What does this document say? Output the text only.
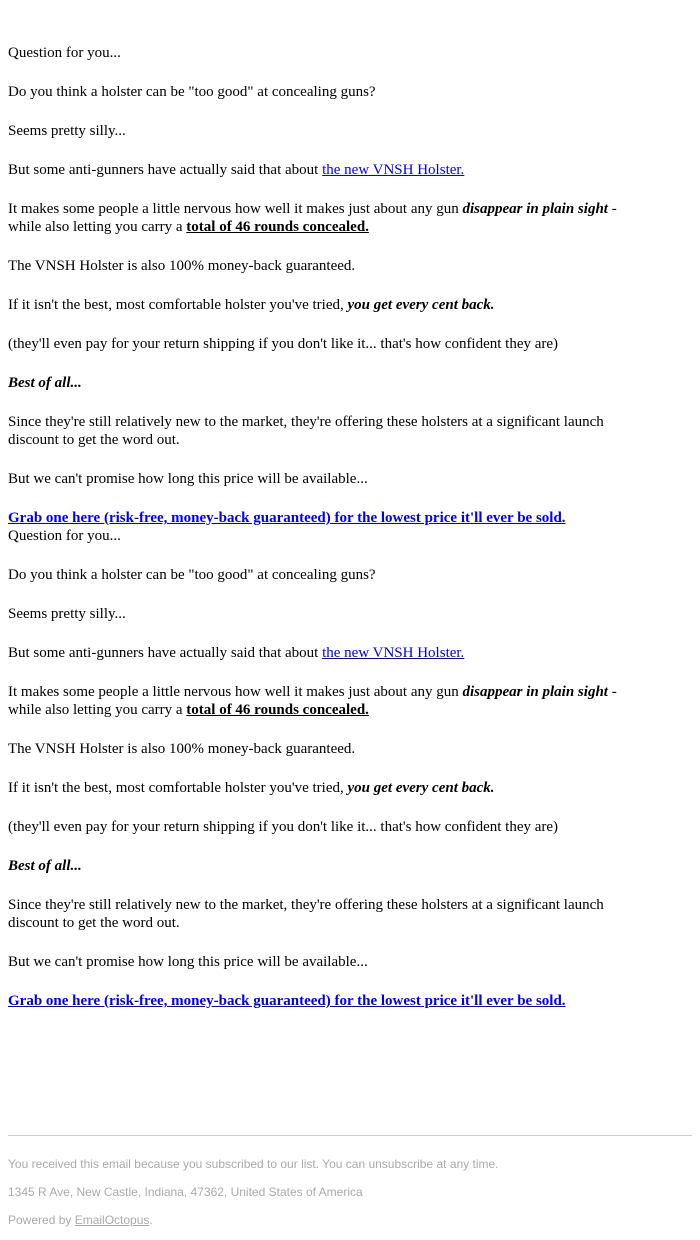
Question for you...

Do you think a holster can be "too good" at concealing guns?

Seems pretty silly...

But some anti-gunners have actually said that about the new VNSH Holster.

It makes some people a little nervous how well it makes just about any gun disappear in plain sight - while also letting you carry a total of 46 rounds concealed.

The VNSH Holster is also 100% money-back guaranteed.

If it isn't the best, most comfortable holster you've tried, you get every cent back.

(they'll even pay for your return shipping if you don't like it... that's how confident they are)

Best of all...

Since they're still relatively new to the market, they're offering these holsters at a significant launch discount to get the word out.

But we can't promise how long this price will be available...

Grab one here (risk-free, money-back guaranteed) for the lowest price it'll ever be sold.

Question for you...

Do you think a holster can be "too good" at concealing guns?

Seems pretty silly...

But some anti-gunners have actually said that about the new VNSH Holster.

It makes some people a little nervous how well it makes just about any gun disappear in plain sight - while also letting you carry a total of 46 rounds concealed.

The VNSH Holster is also 100% money-back guaranteed.

If it isn't the best, most comfortable holster you've tried, you get every cent back.

(they'll even pay for your return shipping if you don't like it... that's how confident they are)

Best of all...

Since they're still relatively new to the market, they're offering these holsters at a significant launch discount to get the word out.

But we can't promise how long this price will be available...

Grab one here (risk-free, money-back guaranteed) for the lowest price it'll ever be sold.

You received this email because you subscribed to our list. You can unsubscribe at any time.

1345 R Ave, New Castle, Indiana, 47362, United States of America

Powered by EmailOctopus.
